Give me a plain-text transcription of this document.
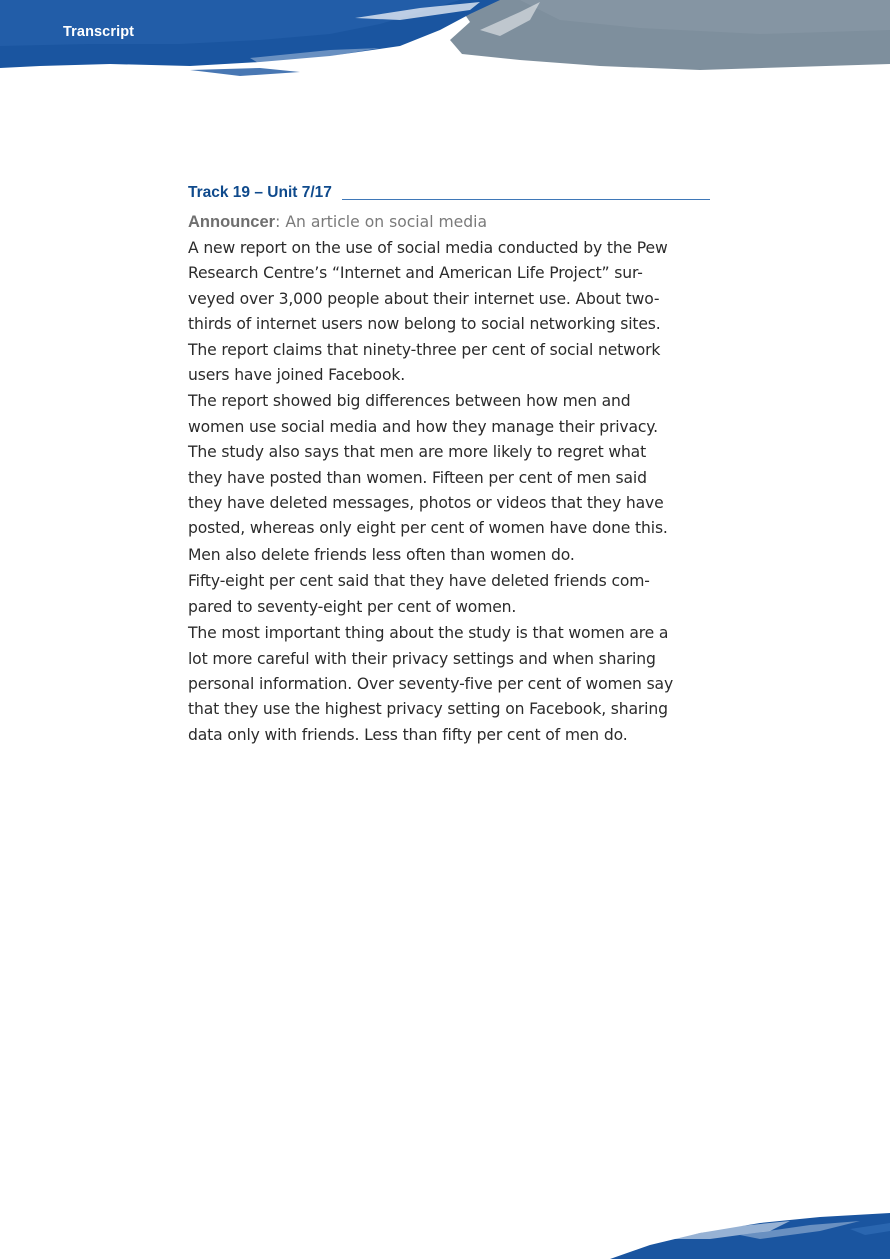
Transcript
Track 19 – Unit 7/17
Announcer: An article on social media

A new report on the use of social media conducted by the Pew
Research Centre’s “Internet and American Life Project” sur-
veyed over 3,000 people about their internet use. About two-
thirds of internet users now belong to social networking sites.
The report claims that ninety-three per cent of social network
users have joined Facebook.

The report showed big differences between how men and
women use social media and how they manage their privacy.
The study also says that men are more likely to regret what
they have posted than women. Fifteen per cent of men said
they have deleted messages, photos or videos that they have
posted, whereas only eight per cent of women have done this.

Men also delete friends less often than women do.

Fifty-eight per cent said that they have deleted friends com-
pared to seventy-eight per cent of women.

The most important thing about the study is that women are a
lot more careful with their privacy settings and when sharing
personal information. Over seventy-five per cent of women say
that they use the highest privacy setting on Facebook, sharing
data only with friends. Less than fifty per cent of men do.
